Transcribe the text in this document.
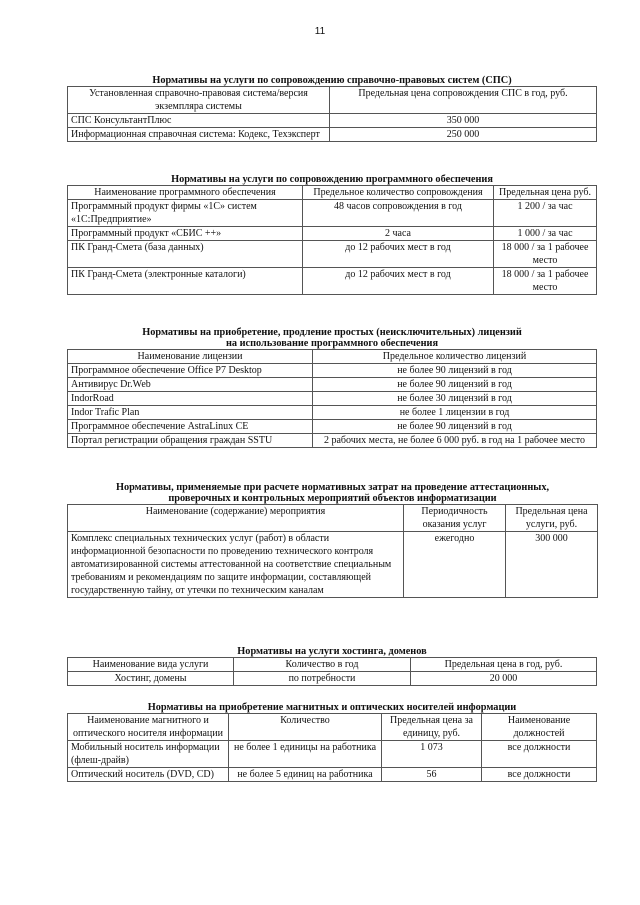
11

Нормативы на услуги по сопровождению справочно-правовых систем (СПС)

Установленная справочно-правовая система/версия экземпляра системы	Предельная цена сопровождения СПС в год, руб.
СПС КонсультантПлюс	350 000
Информационная справочная система: Кодекс, Техэксперт	250 000

Нормативы на услуги по сопровождению программного обеспечения

Наименование программного обеспечения	Предельное количество сопровождения	Предельная цена руб.
Программный продукт фирмы «1С» систем «1С:Предприятие»	48 часов сопровождения в год	1 200 / за час
Программный продукт «СБИС ++»	2 часа	1 000 / за час
ПК Гранд-Смета (база данных)	до 12 рабочих мест в год	18 000 / за 1 рабочее место
ПК Гранд-Смета (электронные каталоги)	до 12 рабочих мест в год	18 000 / за 1 рабочее место

Нормативы на приобретение, продление простых (неисключительных) лицензий

на использование программного обеспечения

Наименование лицензии	Предельное количество лицензий
Программное обеспечение Office Р7 Desktop	не более 90 лицензий в год
Антивирус Dr.Web	не более 90 лицензий в год
IndorRoad	не более 30 лицензий в год
Indor Trafic Plan	не более 1 лицензии в год
Программное обеспечение AstraLinux CE	не более 90 лицензий в год
Портал регистрации обращения граждан SSTU	2 рабочих места, не более 6 000 руб. в год на 1 рабочее место

Нормативы, применяемые при расчете нормативных затрат на проведение аттестационных,

проверочных и контрольных мероприятий объектов информатизации

Наименование (содержание) мероприятия	Периодичность оказания услуг	Предельная цена услуги, руб.
Комплекс специальных технических услуг (работ) в области информационной безопасности по проведению технического контроля автоматизированной системы аттестованной на соответствие специальным требованиям и рекомендациям по защите информации, составляющей государственную тайну, от утечки по техническим каналам	ежегодно	300 000

Нормативы на услуги хостинга, доменов

Наименование вида услуги	Количество в год	Предельная цена в год, руб.
Хостинг, домены	по потребности	20 000

Нормативы на приобретение магнитных и оптических носителей информации

Наименование магнитного и оптического носителя информации	Количество	Предельная цена за единицу, руб.	Наименование должностей
Мобильный носитель информации (флеш-драйв)	не более 1 единицы на работника	1 073	все должности
Оптический носитель (DVD, CD)	не более 5 единиц на работника	56	все должности
